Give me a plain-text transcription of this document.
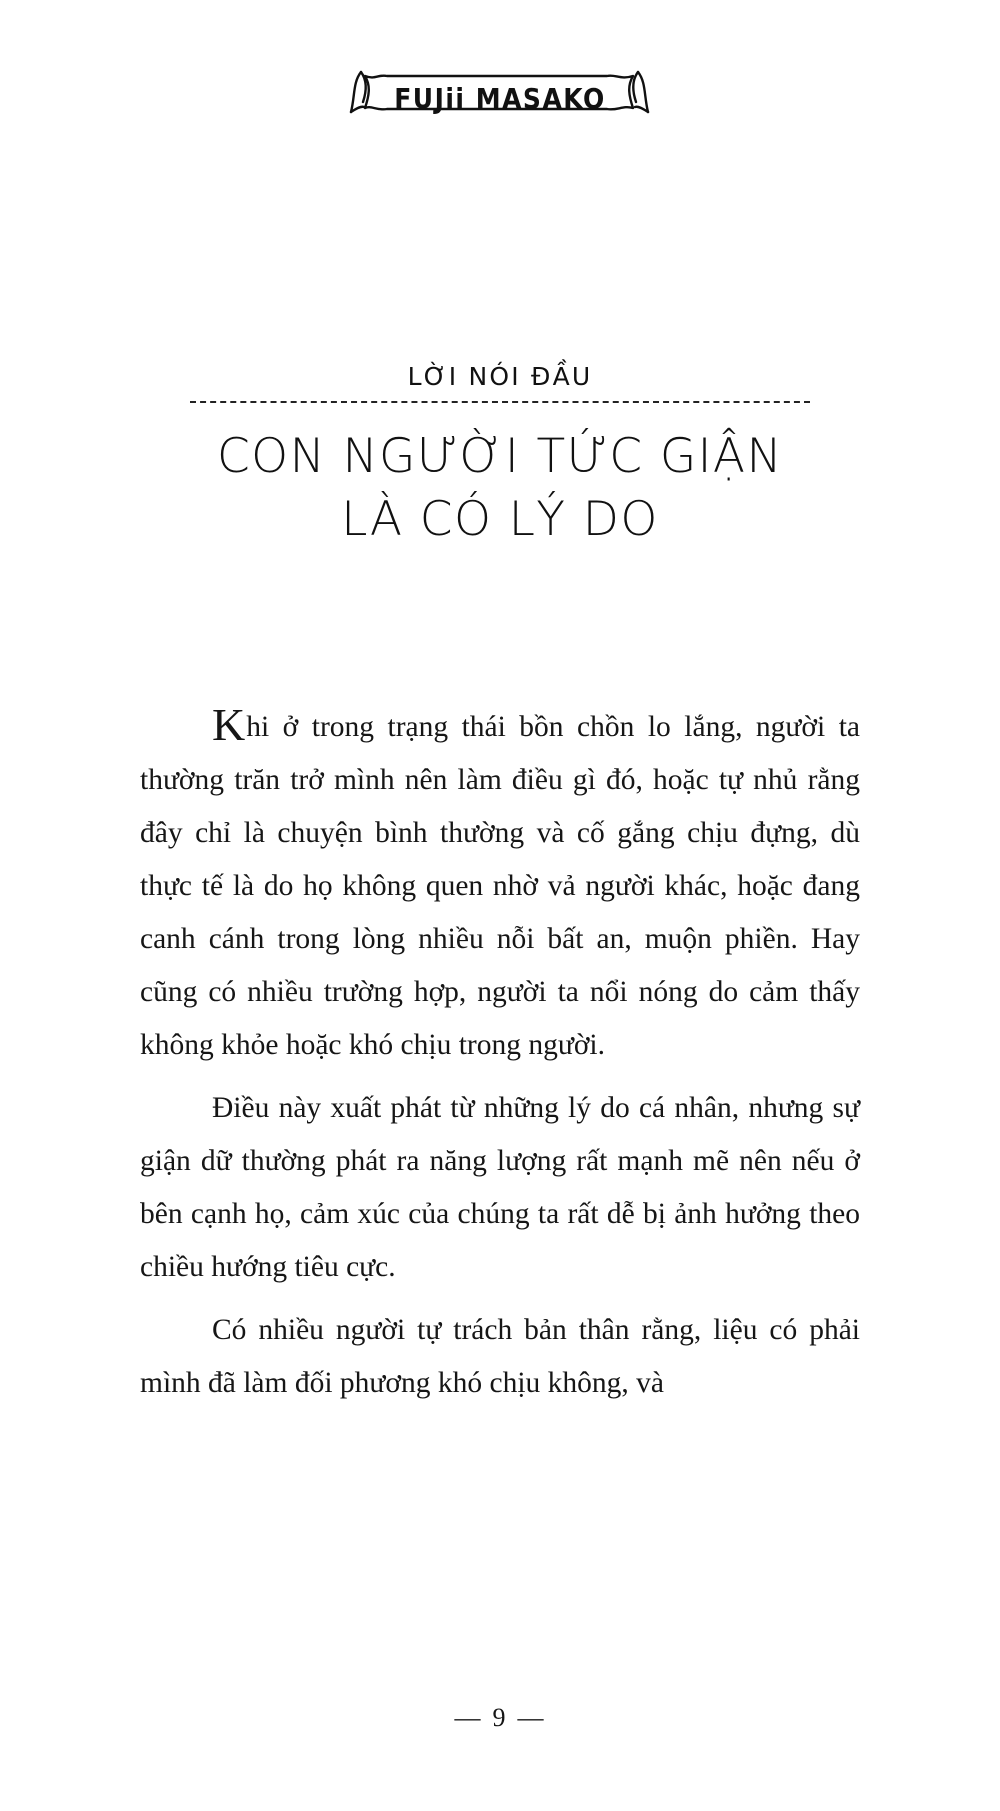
FUJii MASAKO
LỜI NÓI ĐẦU
CON NGƯỜI TỨC GIẬN
LÀ CÓ LÝ DO

Khi ở trong trạng thái bồn chồn lo lắng, người ta thường trăn trở mình nên làm điều gì đó, hoặc tự nhủ rằng đây chỉ là chuyện bình thường và cố gắng chịu đựng, dù thực tế là do họ không quen nhờ vả người khác, hoặc đang canh cánh trong lòng nhiều nỗi bất an, muộn phiền. Hay cũng có nhiều trường hợp, người ta nổi nóng do cảm thấy không khỏe hoặc khó chịu trong người.

Điều này xuất phát từ những lý do cá nhân, nhưng sự giận dữ thường phát ra năng lượng rất mạnh mẽ nên nếu ở bên cạnh họ, cảm xúc của chúng ta rất dễ bị ảnh hưởng theo chiều hướng tiêu cực.

Có nhiều người tự trách bản thân rằng, liệu có phải mình đã làm đối phương khó chịu không, và

— 9 —
